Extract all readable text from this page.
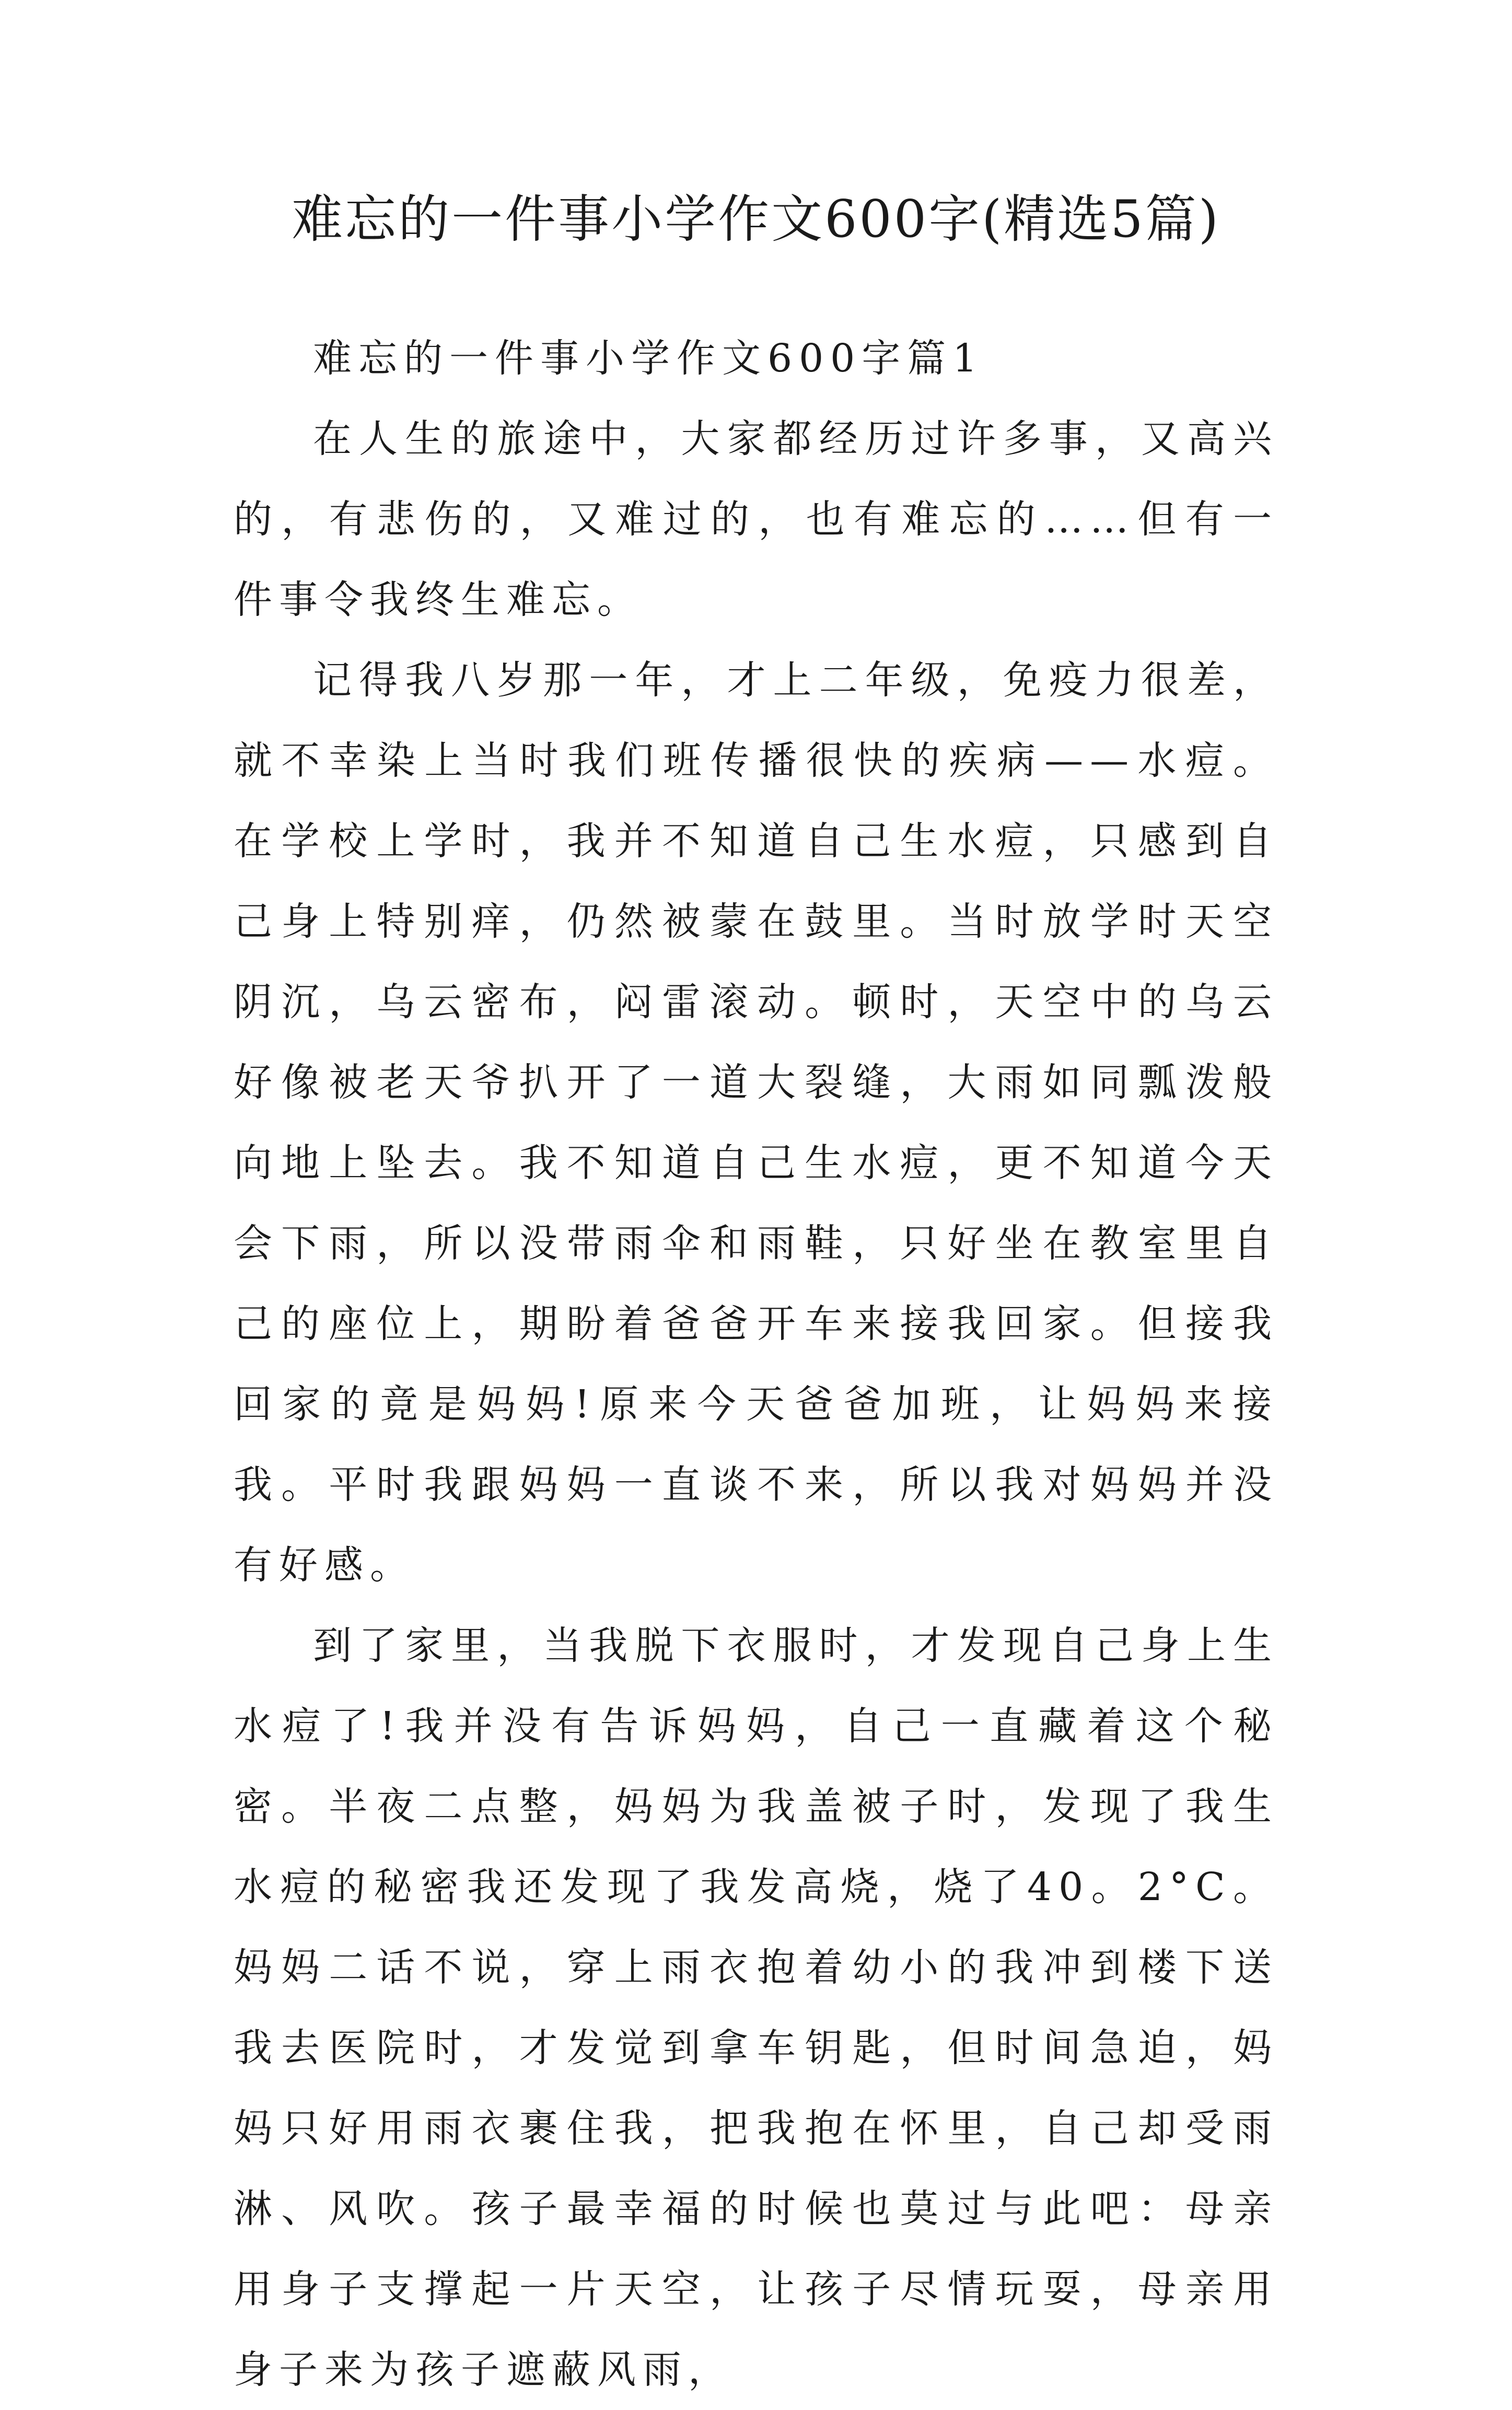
难忘的一件事小学作文600字(精选5篇)
难忘的一件事小学作文600字篇1

在人生的旅途中，大家都经历过许多事，又高兴的，有悲伤的，又难过的，也有难忘的……但有一件事令我终生难忘。

记得我八岁那一年，才上二年级，免疫力很差，就不幸染上当时我们班传播很快的疾病——水痘。在学校上学时，我并不知道自己生水痘，只感到自己身上特别痒，仍然被蒙在鼓里。当时放学时天空阴沉，乌云密布，闷雷滚动。顿时，天空中的乌云好像被老天爷扒开了一道大裂缝，大雨如同瓢泼般向地上坠去。我不知道自己生水痘，更不知道今天会下雨，所以没带雨伞和雨鞋，只好坐在教室里自己的座位上，期盼着爸爸开车来接我回家。但接我回家的竟是妈妈!原来今天爸爸加班，让妈妈来接我。平时我跟妈妈一直谈不来，所以我对妈妈并没有好感。

到了家里，当我脱下衣服时，才发现自己身上生水痘了!我并没有告诉妈妈，自己一直藏着这个秘密。半夜二点整，妈妈为我盖被子时，发现了我生水痘的秘密我还发现了我发高烧，烧了40。2°C。妈妈二话不说，穿上雨衣抱着幼小的我冲到楼下送我去医院时，才发觉到拿车钥匙，但时间急迫，妈妈只好用雨衣裹住我，把我抱在怀里，自己却受雨淋、风吹。孩子最幸福的时候也莫过与此吧：母亲用身子支撑起一片天空，让孩子尽情玩耍，母亲用身子来为孩子遮蔽风雨，
